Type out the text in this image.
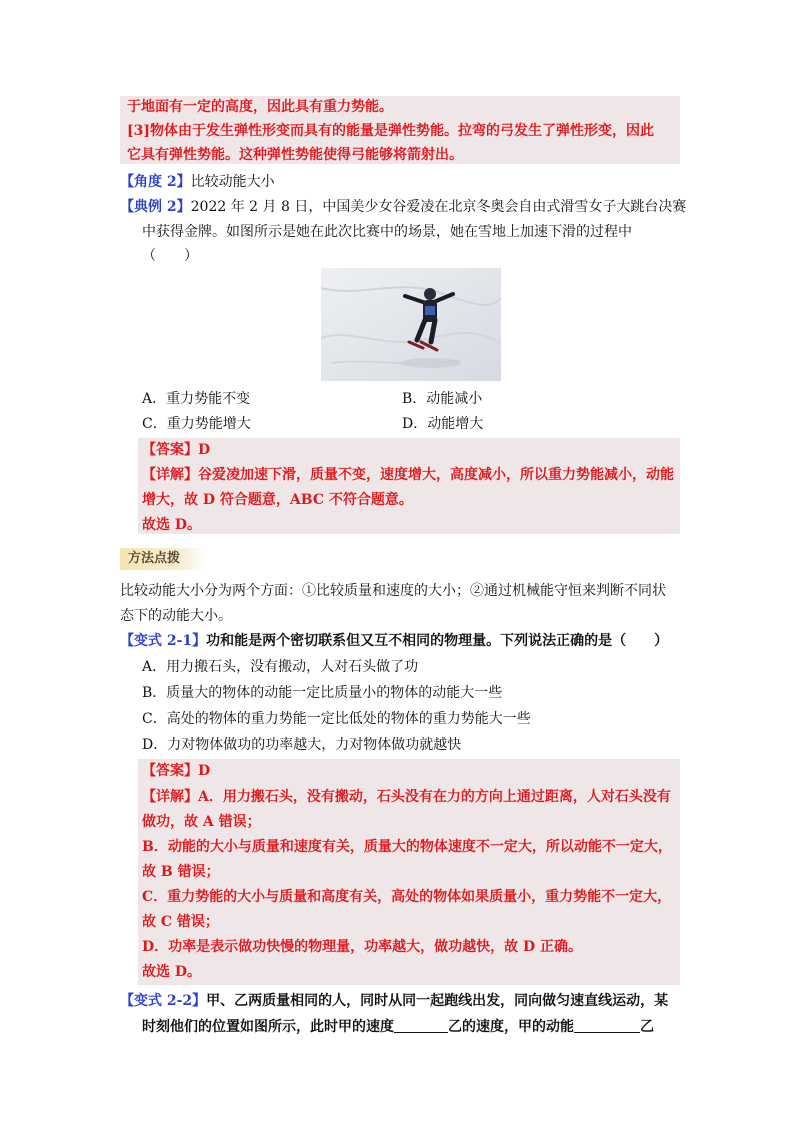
于地面有一定的高度，因此具有重力势能。
[3]物体由于发生弹性形变而具有的能量是弹性势能。拉弯的弓发生了弹性形变，因此
它具有弹性势能。这种弹性势能使得弓能够将箭射出。
【角度 2】比较动能大小
【典例 2】2022 年 2 月 8 日，中国美少女谷爱凌在北京冬奥会自由式滑雪女子大跳台决赛
中获得金牌。如图所示是她在此次比赛中的场景，她在雪地上加速下滑的过程中
（　　）
A．重力势能不变	B．动能减小
C．重力势能增大	D．动能增大
【答案】D
【详解】谷爱凌加速下滑，质量不变，速度增大，高度减小，所以重力势能减小，动能
增大，故 D 符合题意，ABC 不符合题意。
故选 D。
方法点拨
比较动能大小分为两个方面：①比较质量和速度的大小；②通过机械能守恒来判断不同状
态下的动能大小。
【变式 2-1】功和能是两个密切联系但又互不相同的物理量。下列说法正确的是（　　）
A．用力搬石头，没有搬动，人对石头做了功
B．质量大的物体的动能一定比质量小的物体的动能大一些
C．高处的物体的重力势能一定比低处的物体的重力势能大一些
D．力对物体做功的功率越大，力对物体做功就越快
【答案】D
【详解】A．用力搬石头，没有搬动，石头没有在力的方向上通过距离，人对石头没有
做功，故 A 错误；
B．动能的大小与质量和速度有关，质量大的物体速度不一定大，所以动能不一定大，
故 B 错误；
C．重力势能的大小与质量和高度有关，高处的物体如果质量小，重力势能不一定大，
故 C 错误；
D．功率是表示做功快慢的物理量，功率越大，做功越快，故 D 正确。
故选 D。
【变式 2-2】甲、乙两质量相同的人，同时从同一起跑线出发，同向做匀速直线运动，某
时刻他们的位置如图所示，此时甲的速度	乙的速度，甲的动能	乙
